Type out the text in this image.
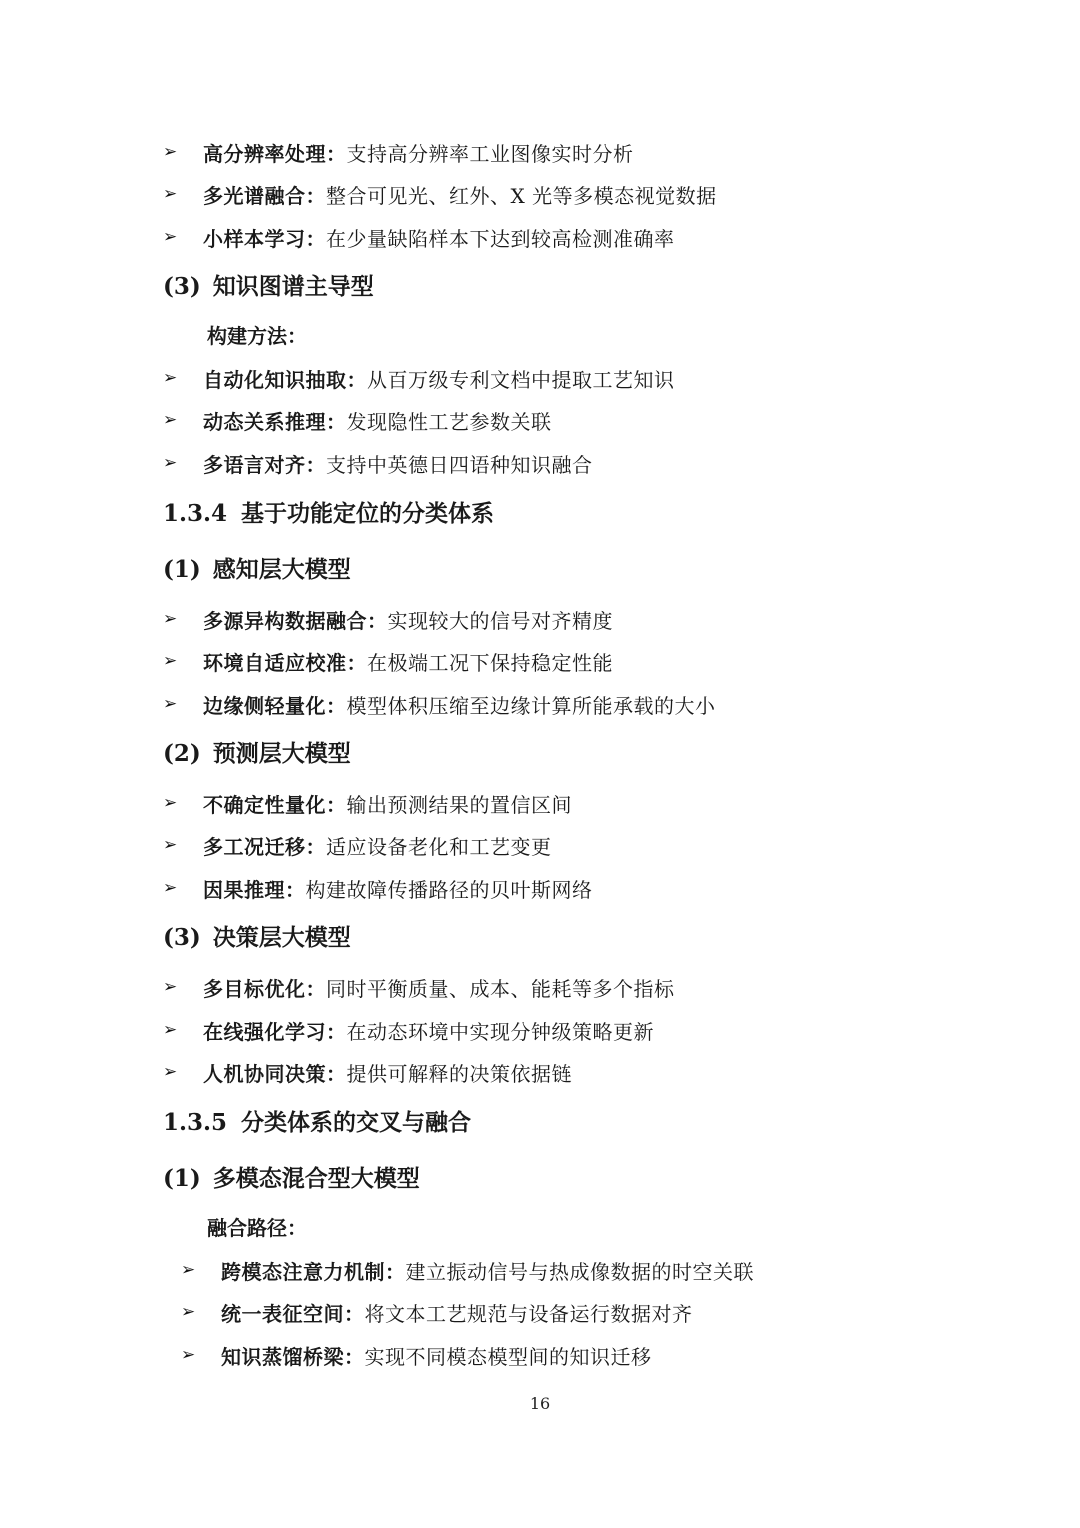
➢	高分辨率处理： 支持高分辨率工业图像实时分析
➢	多光谱融合： 整合可见光、红外、X 光等多模态视觉数据
➢	小样本学习： 在少量缺陷样本下达到较高检测准确率
(3) 知识图谱主导型
构建方法：
➢	自动化知识抽取： 从百万级专利文档中提取工艺知识
➢	动态关系推理： 发现隐性工艺参数关联
➢	多语言对齐： 支持中英德日四语种知识融合
1.3.4 基于功能定位的分类体系
(1) 感知层大模型
➢	多源异构数据融合： 实现较大的信号对齐精度
➢	环境自适应校准： 在极端工况下保持稳定性能
➢	边缘侧轻量化： 模型体积压缩至边缘计算所能承载的大小
(2) 预测层大模型
➢	不确定性量化： 输出预测结果的置信区间
➢	多工况迁移： 适应设备老化和工艺变更
➢	因果推理： 构建故障传播路径的贝叶斯网络
(3) 决策层大模型
➢	多目标优化： 同时平衡质量、成本、能耗等多个指标
➢	在线强化学习： 在动态环境中实现分钟级策略更新
➢	人机协同决策： 提供可解释的决策依据链
1.3.5 分类体系的交叉与融合
(1) 多模态混合型大模型
融合路径：
➢	跨模态注意力机制： 建立振动信号与热成像数据的时空关联
➢	统一表征空间： 将文本工艺规范与设备运行数据对齐
➢	知识蒸馏桥梁： 实现不同模态模型间的知识迁移
16
